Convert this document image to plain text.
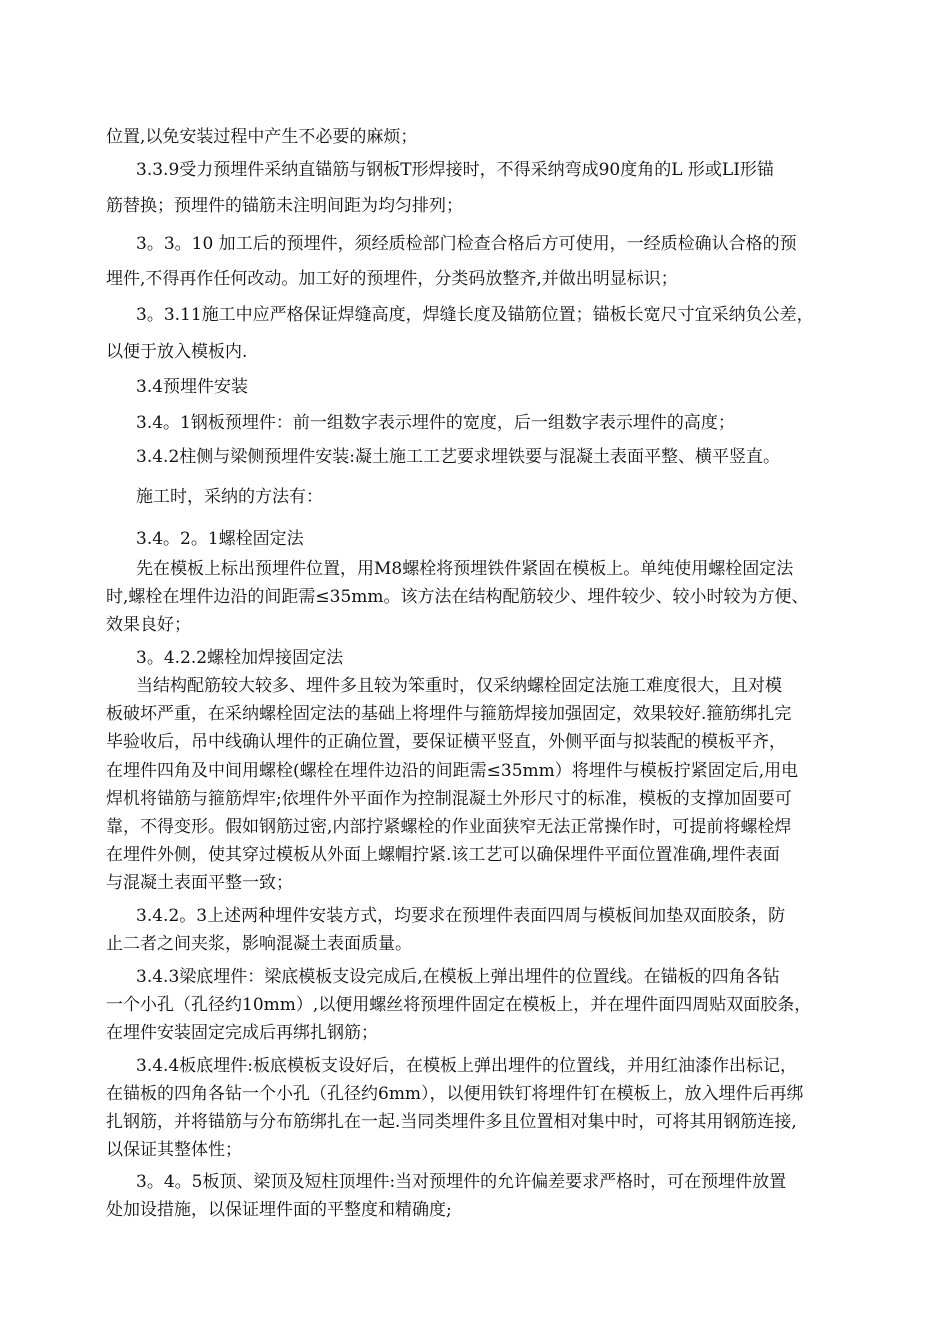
位置,以免安装过程中产生不必要的麻烦；
3.3.9受力预埋件采纳直锚筋与钢板T形焊接时，不得采纳弯成90度角的L 形或LI形锚
筋替换；预埋件的锚筋未注明间距为均匀排列；
3。3。10 加工后的预埋件，须经质检部门检查合格后方可使用，一经质检确认合格的预
埋件,不得再作任何改动。加工好的预埋件，分类码放整齐,并做出明显标识；
3。3.11施工中应严格保证焊缝高度，焊缝长度及锚筋位置；锚板长宽尺寸宜采纳负公差，
以便于放入模板内.
3.4预埋件安装
3.4。1钢板预埋件：前一组数字表示埋件的宽度，后一组数字表示埋件的高度；
3.4.2柱侧与梁侧预埋件安装:凝土施工工艺要求埋铁要与混凝土表面平整、横平竖直。
施工时，采纳的方法有：
3.4。2。1螺栓固定法
先在模板上标出预埋件位置，用M8螺栓将预埋铁件紧固在模板上。单纯使用螺栓固定法
时,螺栓在埋件边沿的间距需≤35mm。该方法在结构配筋较少、埋件较少、较小时较为方便、
效果良好；
3。4.2.2螺栓加焊接固定法
当结构配筋较大较多、埋件多且较为笨重时，仅采纳螺栓固定法施工难度很大，且对模
板破坏严重，在采纳螺栓固定法的基础上将埋件与箍筋焊接加强固定，效果较好.箍筋绑扎完
毕验收后，吊中线确认埋件的正确位置，要保证横平竖直，外侧平面与拟装配的模板平齐，
在埋件四角及中间用螺栓(螺栓在埋件边沿的间距需≤35mm）将埋件与模板拧紧固定后,用电
焊机将锚筋与箍筋焊牢;依埋件外平面作为控制混凝土外形尺寸的标准，模板的支撑加固要可
靠，不得变形。假如钢筋过密,内部拧紧螺栓的作业面狭窄无法正常操作时，可提前将螺栓焊
在埋件外侧，使其穿过模板从外面上螺帽拧紧.该工艺可以确保埋件平面位置准确,埋件表面
与混凝土表面平整一致；
3.4.2。3上述两种埋件安装方式，均要求在预埋件表面四周与模板间加垫双面胶条，防
止二者之间夹浆，影响混凝土表面质量。
3.4.3梁底埋件：梁底模板支设完成后,在模板上弹出埋件的位置线。在锚板的四角各钻
一个小孔（孔径约10mm）,以便用螺丝将预埋件固定在模板上，并在埋件面四周贴双面胶条，
在埋件安装固定完成后再绑扎钢筋；
3.4.4板底埋件:板底模板支设好后，在模板上弹出埋件的位置线，并用红油漆作出标记，
在锚板的四角各钻一个小孔（孔径约6mm），以便用铁钉将埋件钉在模板上，放入埋件后再绑
扎钢筋，并将锚筋与分布筋绑扎在一起.当同类埋件多且位置相对集中时，可将其用钢筋连接,
以保证其整体性；
3。4。5板顶、梁顶及短柱顶埋件:当对预埋件的允许偏差要求严格时，可在预埋件放置
处加设措施，以保证埋件面的平整度和精确度;
